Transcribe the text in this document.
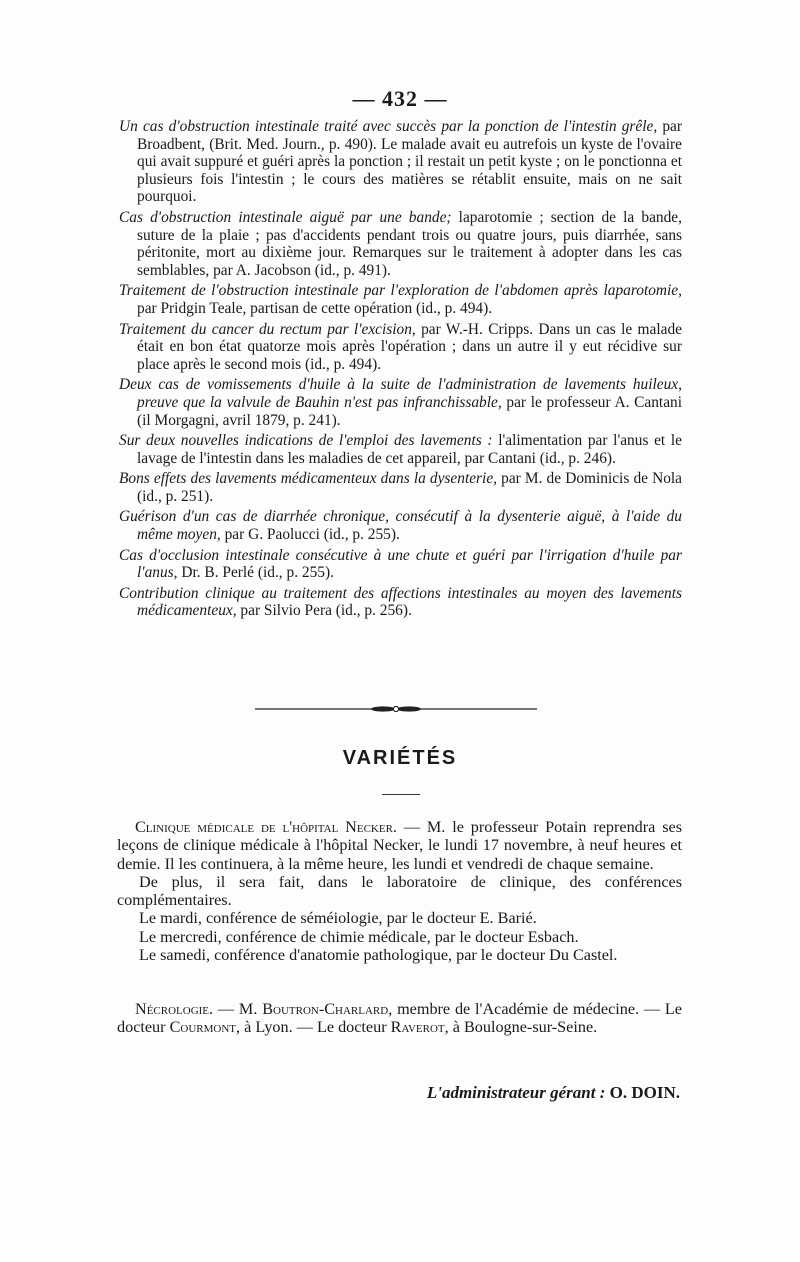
— 432 —

Un cas d'obstruction intestinale traité avec succès par la ponction de l'intestin grêle, par Broadbent, (Brit. Med. Journ., p. 490). Le malade avait eu autrefois un kyste de l'ovaire qui avait suppuré et guéri après la ponction ; il restait un petit kyste ; on le ponctionna et plusieurs fois l'intestin ; le cours des matières se rétablit ensuite, mais on ne sait pourquoi.

Cas d'obstruction intestinale aiguë par une bande; laparotomie ; section de la bande, suture de la plaie ; pas d'accidents pendant trois ou quatre jours, puis diarrhée, sans péritonite, mort au dixième jour. Remarques sur le traitement à adopter dans les cas semblables, par A. Jacobson (id., p. 491).

Traitement de l'obstruction intestinale par l'exploration de l'abdomen après laparotomie, par Pridgin Teale, partisan de cette opération (id., p. 494).

Traitement du cancer du rectum par l'excision, par W.-H. Cripps. Dans un cas le malade était en bon état quatorze mois après l'opération ; dans un autre il y eut récidive sur place après le second mois (id., p. 494).

Deux cas de vomissements d'huile à la suite de l'administration de lavements huileux, preuve que la valvule de Bauhin n'est pas infranchissable, par le professeur A. Cantani (il Morgagni, avril 1879, p. 241).

Sur deux nouvelles indications de l'emploi des lavements : l'alimentation par l'anus et le lavage de l'intestin dans les maladies de cet appareil, par Cantani (id., p. 246).

Bons effets des lavements médicamenteux dans la dysenterie, par M. de Dominicis de Nola (id., p. 251).

Guérison d'un cas de diarrhée chronique, consécutif à la dysenterie aiguë, à l'aide du même moyen, par G. Paolucci (id., p. 255).

Cas d'occlusion intestinale consécutive à une chute et guéri par l'irrigation d'huile par l'anus, Dr. B. Perlé (id., p. 255).

Contribution clinique au traitement des affections intestinales au moyen des lavements médicamenteux, par Silvio Pera (id., p. 256).

VARIÉTÉS

Clinique médicale de l'hôpital Necker. — M. le professeur Potain reprendra ses leçons de clinique médicale à l'hôpital Necker, le lundi 17 novembre, à neuf heures et demie. Il les continuera, à la même heure, les lundi et vendredi de chaque semaine.

De plus, il sera fait, dans le laboratoire de clinique, des conférences complémentaires.

Le mardi, conférence de séméiologie, par le docteur E. Barié.

Le mercredi, conférence de chimie médicale, par le docteur Esbach.

Le samedi, conférence d'anatomie pathologique, par le docteur Du Castel.

Nécrologie. — M. Boutron-Charlard, membre de l'Académie de médecine. — Le docteur Courmont, à Lyon. — Le docteur Raverot, à Boulogne-sur-Seine.
L'administrateur gérant : O. DOIN.
